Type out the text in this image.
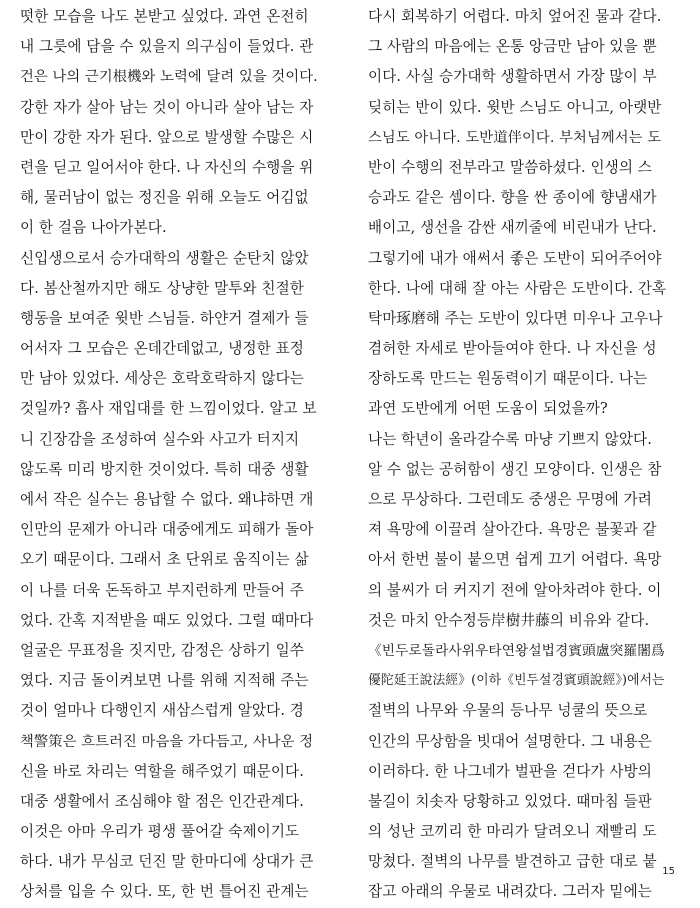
떳한 모습을 나도 본받고 싶었다. 과연 온전히
내 그릇에 담을 수 있을지 의구심이 들었다. 관
건은 나의 근기根機와 노력에 달려 있을 것이다.
강한 자가 살아 남는 것이 아니라 살아 남는 자
만이 강한 자가 된다. 앞으로 발생할 수많은 시
련을 딛고 일어서야 한다. 나 자신의 수행을 위
해, 물러남이 없는 정진을 위해 오늘도 어김없
이 한 걸음 나아가본다.
신입생으로서 승가대학의 생활은 순탄치 않았
다. 봄산철까지만 해도 상냥한 말투와 친절한
행동을 보여준 윗반 스님들. 하얀거 결제가 들
어서자 그 모습은 온데간데없고, 냉정한 표정
만 남아 있었다. 세상은 호락호락하지 않다는
것일까? 흡사 재입대를 한 느낌이었다. 알고 보
니 긴장감을 조성하여 실수와 사고가 터지지
않도록 미리 방지한 것이었다. 특히 대중 생활
에서 작은 실수는 용납할 수 없다. 왜냐하면 개
인만의 문제가 아니라 대중에게도 피해가 돌아
오기 때문이다. 그래서 초 단위로 움직이는 삶
이 나를 더욱 돈독하고 부지런하게 만들어 주
었다. 간혹 지적받을 때도 있었다. 그럴 때마다
얼굴은 무표정을 짓지만, 감정은 상하기 일쑤
였다. 지금 돌이켜보면 나를 위해 지적해 주는
것이 얼마나 다행인지 새삼스럽게 알았다. 경
책警策은 흐트러진 마음을 가다듬고, 사나운 정
신을 바로 차리는 역할을 해주었기 때문이다.
대중 생활에서 조심해야 할 점은 인간관계다.
이것은 아마 우리가 평생 풀어갈 숙제이기도
하다. 내가 무심코 던진 말 한마디에 상대가 큰
상처를 입을 수 있다. 또, 한 번 틀어진 관계는
다시 회복하기 어렵다. 마치 엎어진 물과 같다.
그 사람의 마음에는 온통 앙금만 남아 있을 뿐
이다. 사실 승가대학 생활하면서 가장 많이 부
딪히는 반이 있다. 윗반 스님도 아니고, 아랫반
스님도 아니다. 도반道伴이다. 부처님께서는 도
반이 수행의 전부라고 말씀하셨다. 인생의 스
승과도 같은 셈이다. 향을 싼 종이에 향냄새가
배이고, 생선을 감싼 새끼줄에 비린내가 난다.
그렇기에 내가 애써서 좋은 도반이 되어주어야
한다. 나에 대해 잘 아는 사람은 도반이다. 간혹
탁마琢磨해 주는 도반이 있다면 미우나 고우나
겸허한 자세로 받아들여야 한다. 나 자신을 성
장하도록 만드는 원동력이기 때문이다. 나는
과연 도반에게 어떤 도움이 되었을까?
나는 학년이 올라갈수록 마냥 기쁘지 않았다.
알 수 없는 공허함이 생긴 모양이다. 인생은 참
으로 무상하다. 그런데도 중생은 무명에 가려
져 욕망에 이끌려 살아간다. 욕망은 불꽃과 같
아서 한번 불이 붙으면 쉽게 끄기 어렵다. 욕망
의 불씨가 더 커지기 전에 알아차려야 한다. 이
것은 마치 안수정등岸樹井藤의 비유와 같다.
《빈두로돌라사위우타연왕설법경賓頭盧突羅闍爲
優陀延王說法經》(이하《빈두설경賓頭說經》)에서는
절벽의 나무와 우물의 등나무 넝쿨의 뜻으로
인간의 무상함을 빗대어 설명한다. 그 내용은
이러하다. 한 나그네가 벌판을 걷다가 사방의
불길이 치솟자 당황하고 있었다. 때마침 들판
의 성난 코끼리 한 마리가 달려오니 재빨리 도
망쳤다. 절벽의 나무를 발견하고 급한 대로 붙
잡고 아래의 우물로 내려갔다. 그러자 밑에는
15
